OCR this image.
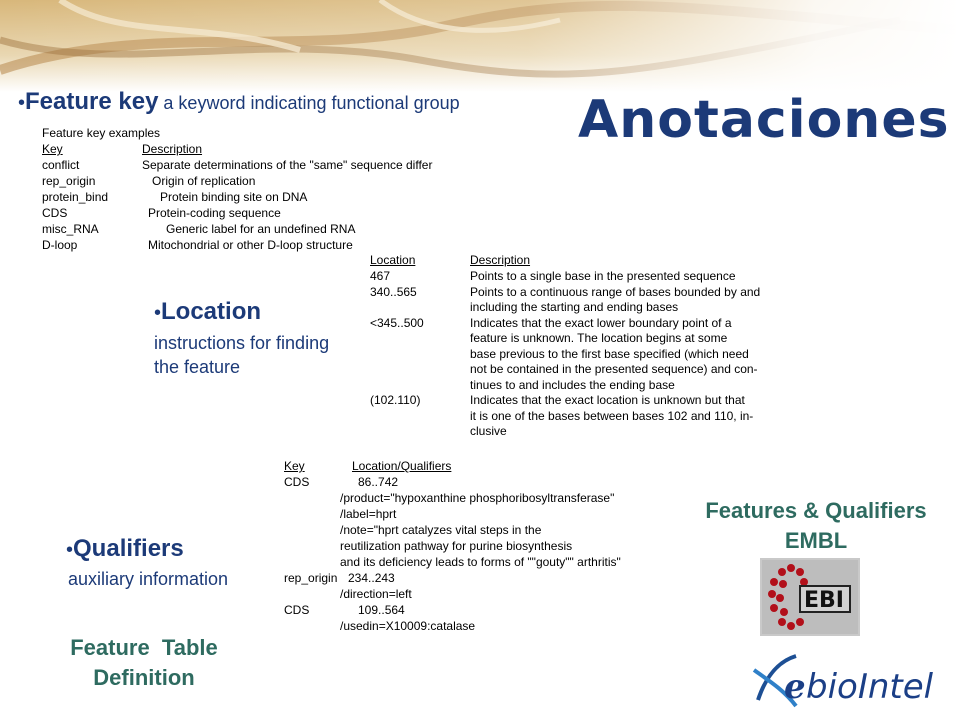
Anotaciones
•Feature key a keyword indicating functional group
Feature key examples
Key	Description
conflict	Separate determinations of the "same" sequence differ
rep_origin	Origin of replication
protein_bind	Protein binding site on DNA
CDS	Protein-coding sequence
misc_RNA	Generic label for an undefined RNA
D-loop	Mitochondrial or other D-loop structure
•Location
instructions for finding
the feature
Location	Description
467	Points to a single base in the presented sequence
340..565	Points to a continuous range of bases bounded by and
including the starting and ending bases
<345..500	Indicates that the exact lower boundary point of a
feature is unknown. The location begins at some
base previous to the first base specified (which need
not be contained in the presented sequence) and con-
tinues to and includes the ending base
(102.110)	Indicates that the exact location is unknown but that
it is one of the bases between bases 102 and 110, in-
clusive
•Qualifiers
auxiliary information
Key	Location/Qualifiers
CDS	86..742
/product="hypoxanthine phosphoribosyltransferase"
/label=hprt
/note="hprt catalyzes vital steps in the
reutilization pathway for purine biosynthesis
and its deficiency leads to forms of ""gouty"" arthritis"
rep_origin 234..243
/direction=left
CDS	109..564
/usedin=X10009:catalase
Feature  Table
Definition
Features & Qualifiers
EMBL
EBI
e bioIntel
